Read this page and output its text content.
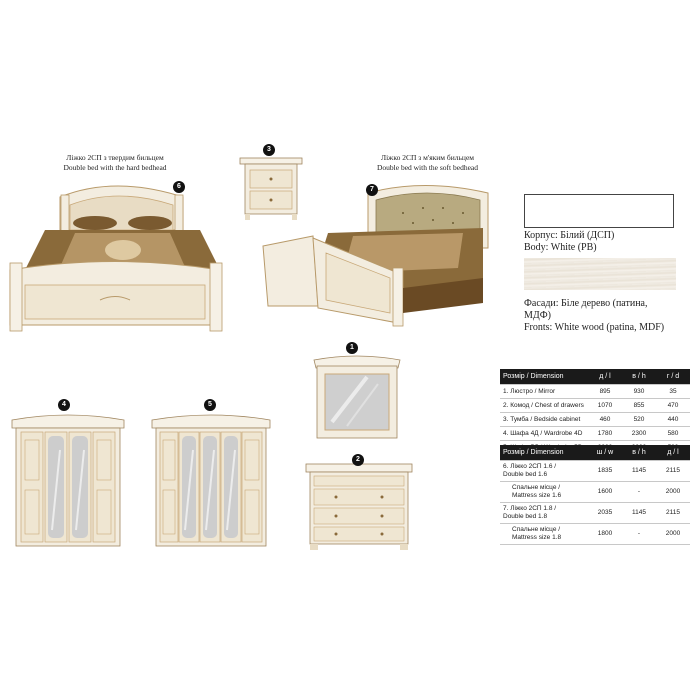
Ліжко 2СП з твердим бильцем
Double bed with the hard bedhead
Ліжко 2СП з м'яким бильцем
Double bed with the soft bedhead
6
3
7
Корпус: Білий (ДСП)
Body: White (PB)
Фасади: Біле дерево (патина,
МДФ)
Fronts: White wood (patina, MDF)
1
2
4	5
Розмір / Dimension	д / l	в / h	г / d
1. Люстро / Mirror	895	930	35
2. Комод / Chest of drawers	1070	855	470
3. Тумба / Bedside cabinet	460	520	440
4. Шафа 4Д / Wardrobe 4D	1780	2300	580

Розмір / Dimension	ш / w	в / h	д / l

6. Ліжко 2СП 1.6 /
Double bed 1.6	1835	1145	2115

Спальне місце /
Mattress size 1.6	1600	-	2000

7. Ліжко 2СП 1.8 /
Double bed 1.8	2035	1145	2115

Спальне місце /
Mattress size 1.8	1800	-	2000
